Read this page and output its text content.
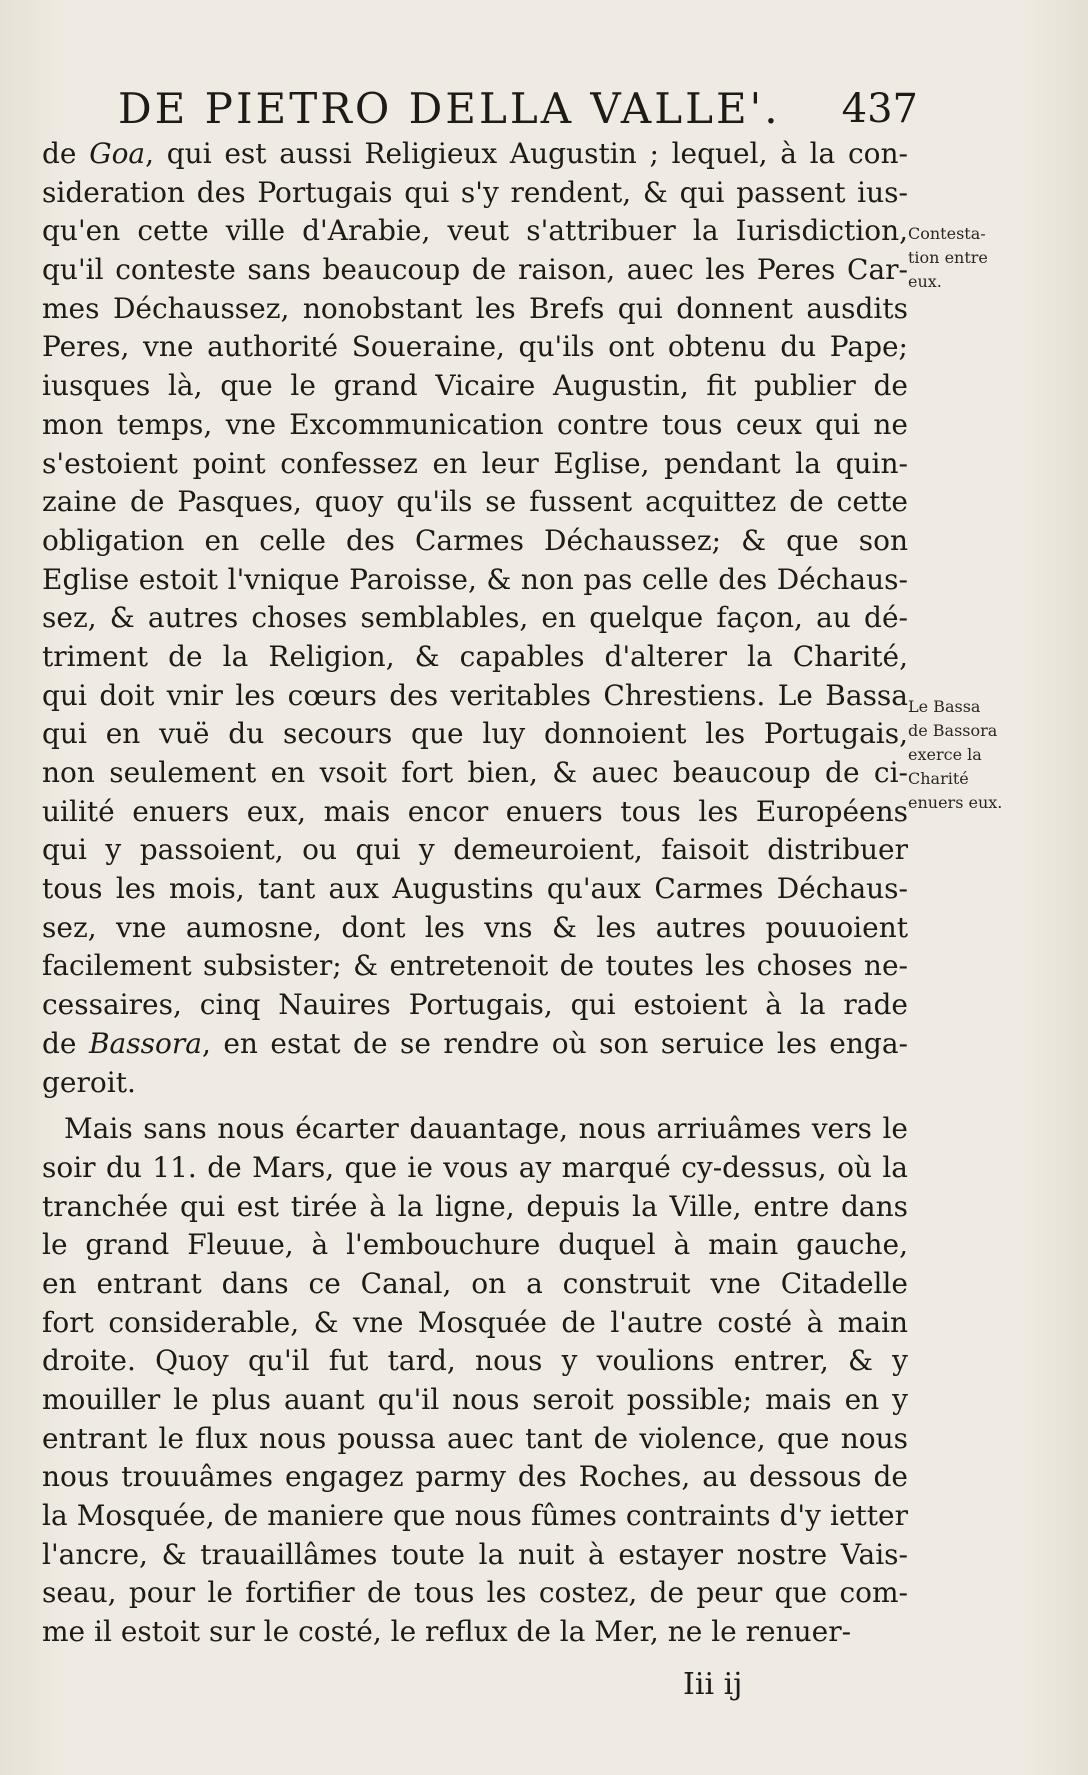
DE PIETRO DELLA VALLE'. 437
de Goa, qui est aussi Religieux Augustin ; lequel, à la con-
sideration des Portugais qui s'y rendent, & qui passent ius-
qu'en cette ville d'Arabie, veut s'attribuer la Iurisdiction,
qu'il conteste sans beaucoup de raison, auec les Peres Car-
mes Déchaussez, nonobstant les Brefs qui donnent ausdits
Peres, vne authorité Soueraine, qu'ils ont obtenu du Pape;
iusques là, que le grand Vicaire Augustin, fit publier de
mon temps, vne Excommunication contre tous ceux qui ne
s'estoient point confessez en leur Eglise, pendant la quin-
zaine de Pasques, quoy qu'ils se fussent acquittez de cette
obligation en celle des Carmes Déchaussez; & que son
Eglise estoit l'vnique Paroisse, & non pas celle des Déchaus-
sez, & autres choses semblables, en quelque façon, au dé-
triment de la Religion, & capables d'alterer la Charité,
qui doit vnir les cœurs des veritables Chrestiens. Le Bassa
qui en vuë du secours que luy donnoient les Portugais,
non seulement en vsoit fort bien, & auec beaucoup de ci-
uilité enuers eux, mais encor enuers tous les Européens
qui y passoient, ou qui y demeuroient, faisoit distribuer
tous les mois, tant aux Augustins qu'aux Carmes Déchaus-
sez, vne aumosne, dont les vns & les autres pouuoient
facilement subsister; & entretenoit de toutes les choses ne-
cessaires, cinq Nauires Portugais, qui estoient à la rade
de Bassora, en estat de se rendre où son seruice les enga-
geroit.
Mais sans nous écarter dauantage, nous arriuâmes vers le
soir du 11. de Mars, que ie vous ay marqué cy-dessus, où la
tranchée qui est tirée à la ligne, depuis la Ville, entre dans
le grand Fleuue, à l'embouchure duquel à main gauche,
en entrant dans ce Canal, on a construit vne Citadelle
fort considerable, & vne Mosquée de l'autre costé à main
droite. Quoy qu'il fut tard, nous y voulions entrer, & y
mouiller le plus auant qu'il nous seroit possible; mais en y
entrant le flux nous poussa auec tant de violence, que nous
nous trouuâmes engagez parmy des Roches, au dessous de
la Mosquée, de maniere que nous fûmes contraints d'y ietter
l'ancre, & trauaillâmes toute la nuit à estayer nostre Vais-
seau, pour le fortifier de tous les costez, de peur que com-
me il estoit sur le costé, le reflux de la Mer, ne le renuer-
Contesta-
tion entre
eux.
Le Bassa
de Bassora
exerce la
Charité
enuers eux.
Iii ij
